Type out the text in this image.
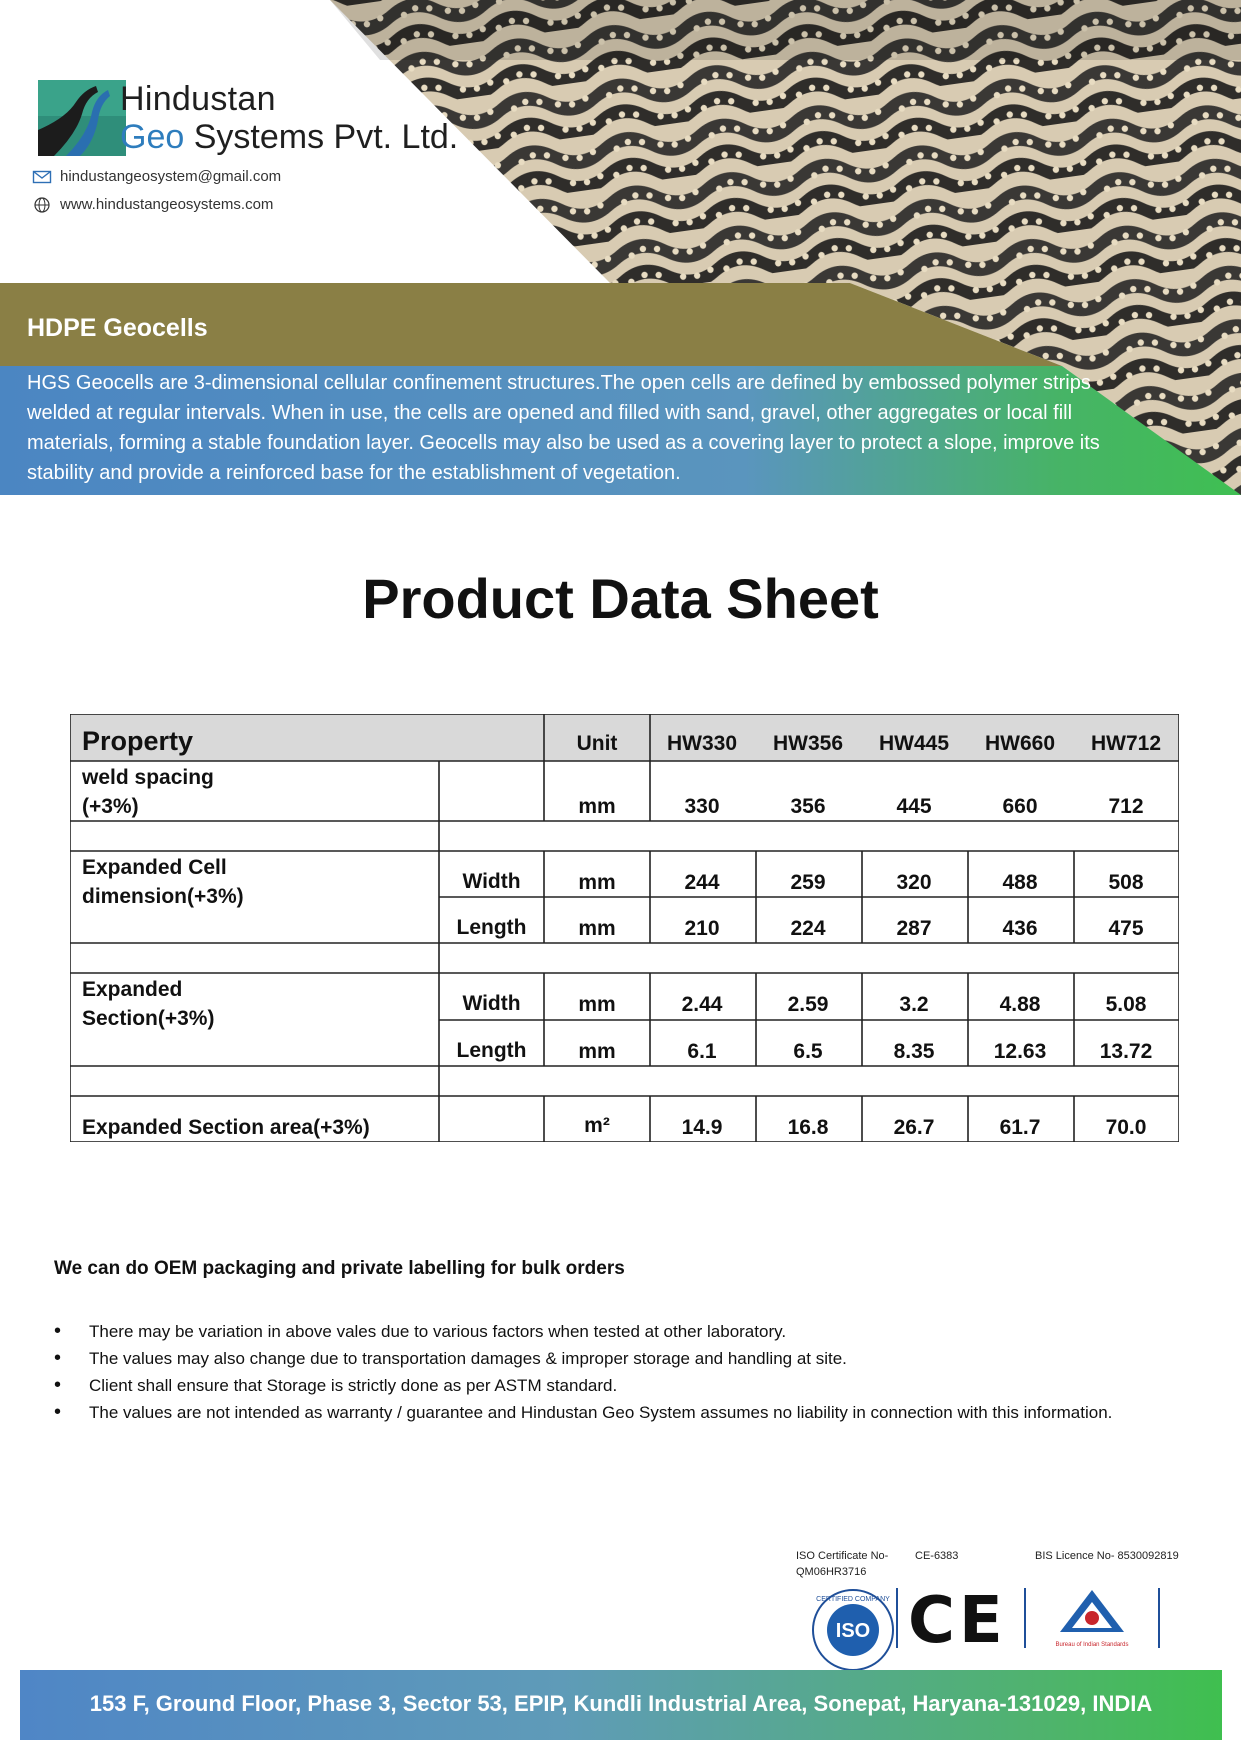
Hindustan
Geo Systems Pvt. Ltd.
hindustangeosystem@gmail.com
www.hindustangeosystems.com
HDPE Geocells
HGS Geocells are 3-dimensional cellular confinement structures.The open cells are defined by embossed polymer strips welded at regular intervals. When in use, the cells are opened and filled with sand, gravel, other aggregates or local fill materials, forming a stable foundation layer. Geocells may also be used as a covering layer to protect a slope, improve its stability and provide a reinforced base for the establishment of vegetation.
Product Data Sheet
Property	Unit	HW330	HW356	HW445	HW660	HW712
weld spacing
(+3%)	mm	330	356	445	660	712
Expanded Cell
dimension(+3%)
Width	mm	244	259	320	488	508
Length	mm	210	224	287	436	475
Expanded
Section(+3%)
Width	mm	2.44	2.59	3.2	4.88	5.08
Length	mm	6.1	6.5	8.35	12.63	13.72
Expanded Section area(+3%)	m²	14.9	16.8	26.7	61.7	70.0
We can do OEM packaging and private labelling for bulk orders
• There may be variation in above vales due to various factors when tested at other laboratory.
• The values may also change due to transportation damages & improper storage and handling at site.
• Client shall ensure that Storage is strictly done as per ASTM standard.
• The values are not intended as warranty / guarantee and Hindustan Geo System assumes no liability in connection with this information.
ISO Certificate No-
QM06HR3716
CE-6383	BIS Licence No- 8530092819
ISO
CERTIFIED COMPANY CE	Bureau of Indian Standards
153 F, Ground Floor, Phase 3, Sector 53, EPIP, Kundli Industrial Area, Sonepat, Haryana-131029, INDIA
